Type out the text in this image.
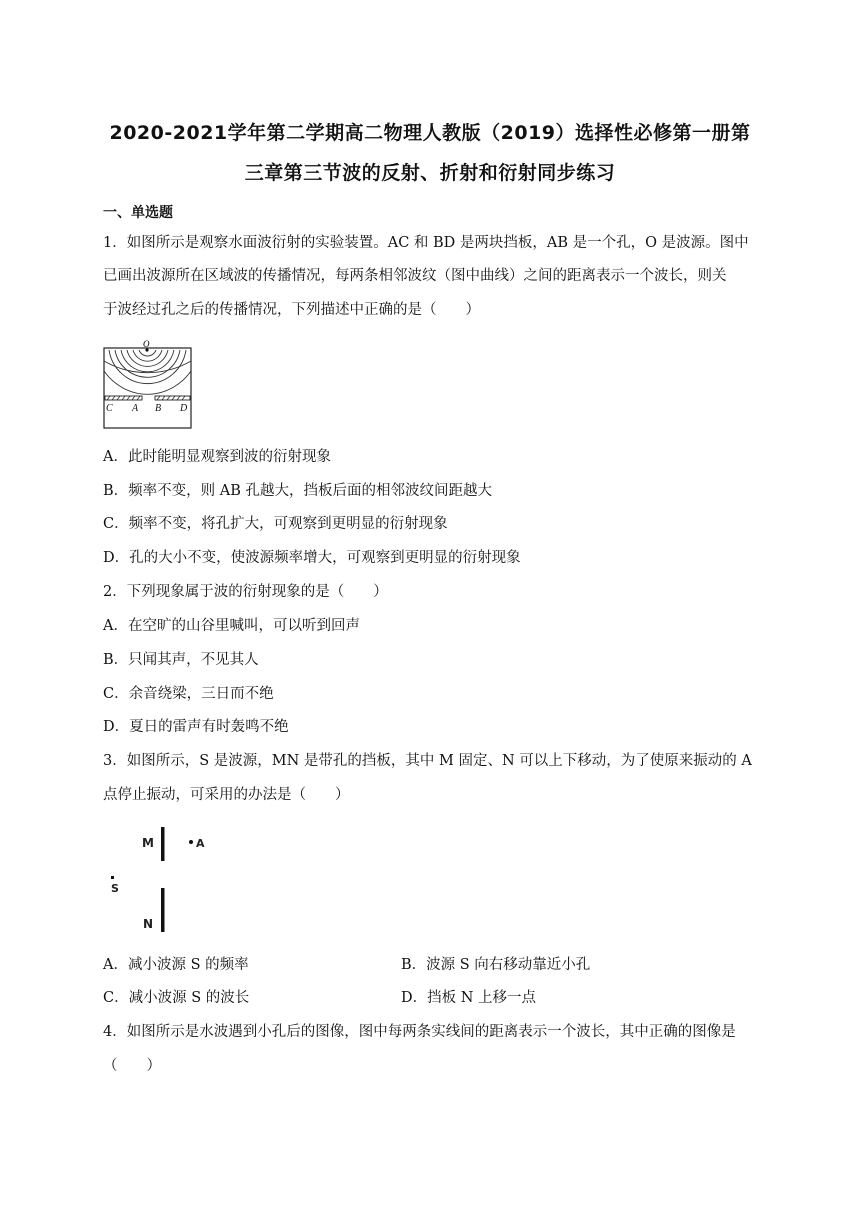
2020-2021学年第二学期高二物理人教版（2019）选择性必修第一册第
三章第三节波的反射、折射和衍射同步练习
一、单选题
1．如图所示是观察水面波衍射的实验装置。AC 和 BD 是两块挡板，AB 是一个孔，O 是波源。图中
已画出波源所在区域波的传播情况，每两条相邻波纹（图中曲线）之间的距离表示一个波长，则关
于波经过孔之后的传播情况，下列描述中正确的是（　　）
O
C A B D
A．此时能明显观察到波的衍射现象
B．频率不变，则 AB 孔越大，挡板后面的相邻波纹间距越大
C．频率不变，将孔扩大，可观察到更明显的衍射现象
D．孔的大小不变，使波源频率增大，可观察到更明显的衍射现象
2．下列现象属于波的衍射现象的是（　　）
A．在空旷的山谷里喊叫，可以听到回声
B．只闻其声，不见其人
C．余音绕梁，三日而不绝
D．夏日的雷声有时轰鸣不绝
3．如图所示，S 是波源，MN 是带孔的挡板，其中 M 固定、N 可以上下移动，为了使原来振动的 A
点停止振动，可采用的办法是（　　）
M	A
S
N
A．减小波源 S 的频率	B．波源 S 向右移动靠近小孔
C．减小波源 S 的波长	D．挡板 N 上移一点
4．如图所示是水波遇到小孔后的图像，图中每两条实线间的距离表示一个波长，其中正确的图像是
（　　）
